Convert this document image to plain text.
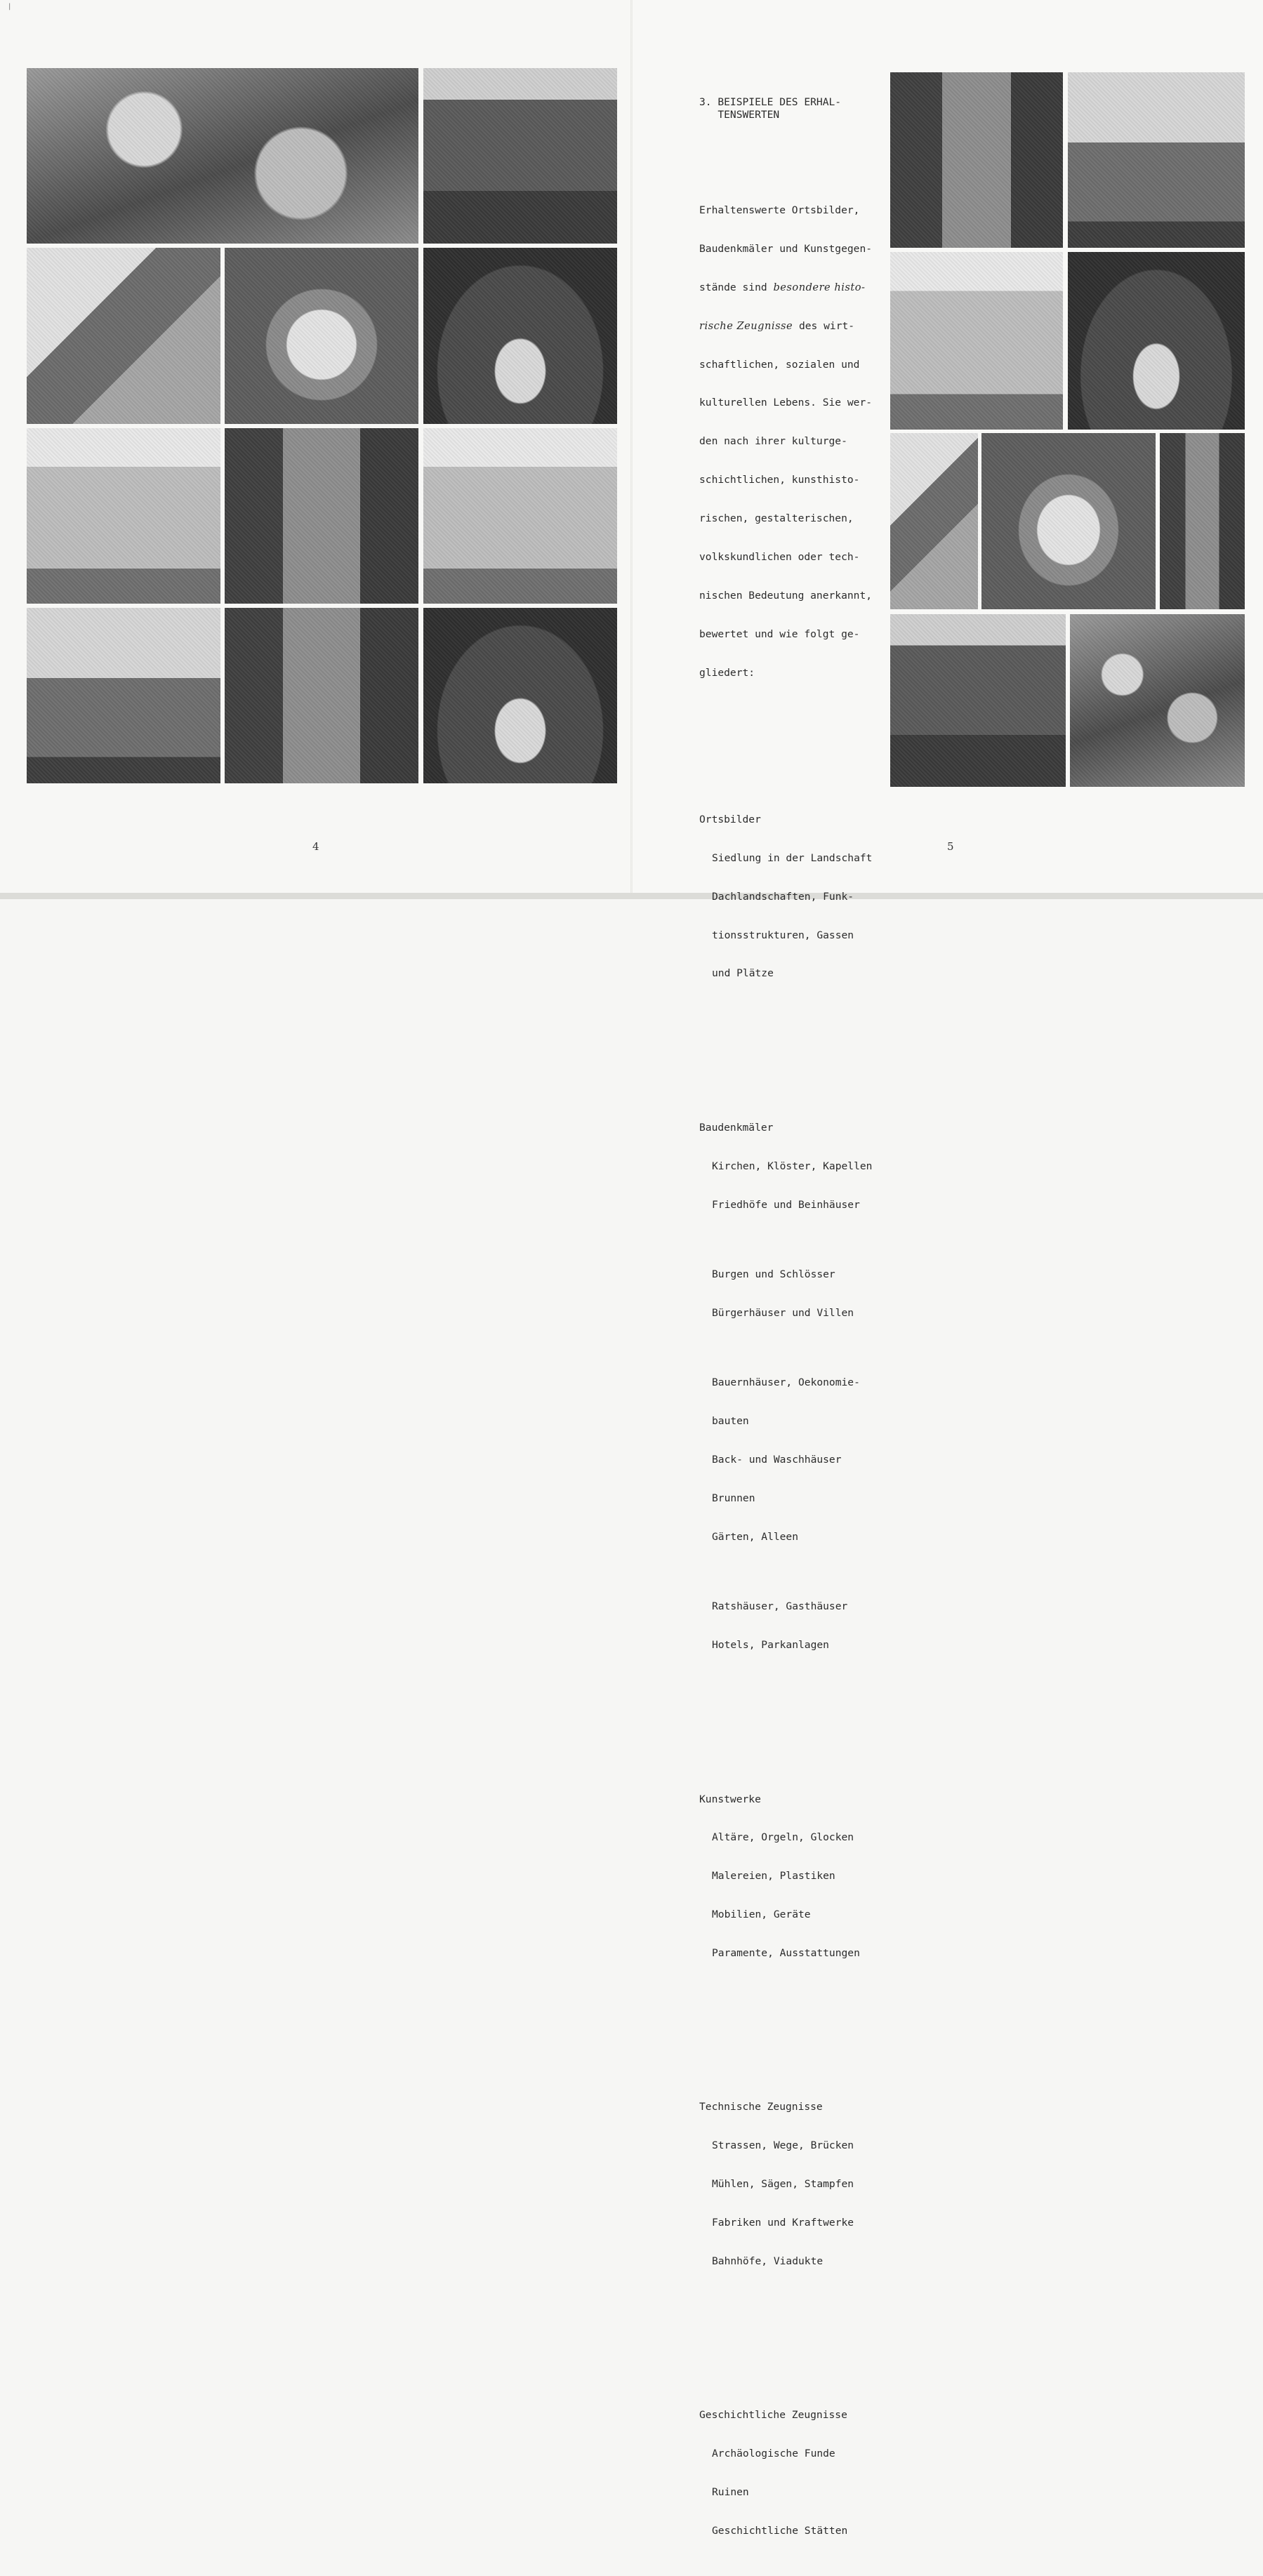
|
4

3. BEISPIELE DES ERHAL-
TENSWERTEN

Erhaltenswerte Ortsbilder,

Baudenkmäler und Kunstgegen-

stände sind besondere histo-

rische Zeugnisse des wirt-

schaftlichen, sozialen und

kulturellen Lebens. Sie wer-

den nach ihrer kulturge-

schichtlichen, kunsthisto-

rischen, gestalterischen,

volkskundlichen oder tech-

nischen Bedeutung anerkannt,

bewertet und wie folgt ge-

gliedert:

Ortsbilder

Siedlung in der Landschaft

Dachlandschaften, Funk-

tionsstrukturen, Gassen

und Plätze

Baudenkmäler

Kirchen, Klöster, Kapellen

Friedhöfe und Beinhäuser

Burgen und Schlösser

Bürgerhäuser und Villen

Bauernhäuser, Oekonomie-

bauten

Back- und Waschhäuser

Brunnen

Gärten, Alleen

Ratshäuser, Gasthäuser

Hotels, Parkanlagen

Kunstwerke

Altäre, Orgeln, Glocken

Malereien, Plastiken

Mobilien, Geräte

Paramente, Ausstattungen

Technische Zeugnisse

Strassen, Wege, Brücken

Mühlen, Sägen, Stampfen

Fabriken und Kraftwerke

Bahnhöfe, Viadukte

Geschichtliche Zeugnisse

Archäologische Funde

Ruinen

Geschichtliche Stätten

5
